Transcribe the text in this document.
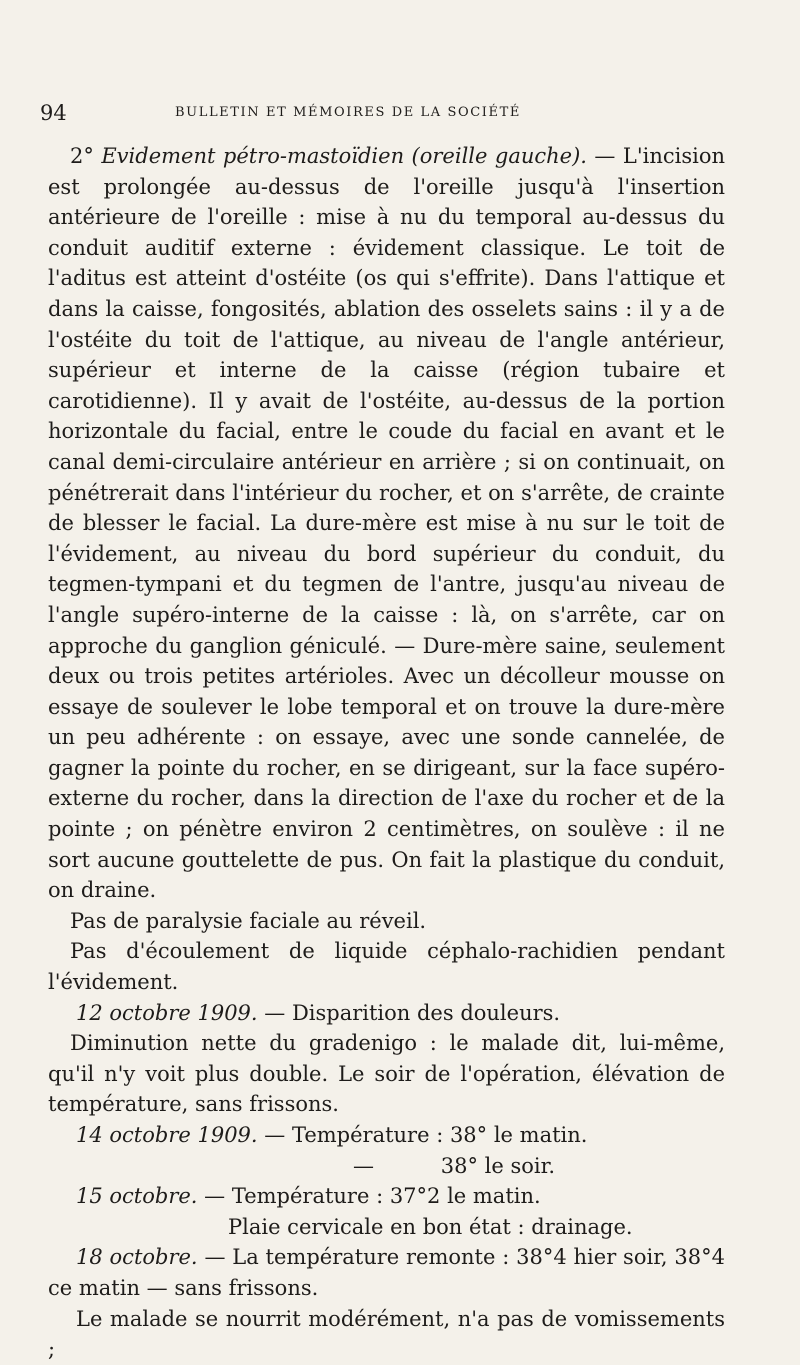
94	BULLETIN ET MÉMOIRES DE LA SOCIÉTÉ

2° Evidement pétro-mastoïdien (oreille gauche). — L'incision est prolongée au-dessus de l'oreille jusqu'à l'insertion antérieure de l'oreille : mise à nu du temporal au-dessus du conduit auditif externe : évidement classique. Le toit de l'aditus est atteint d'ostéite (os qui s'effrite). Dans l'attique et dans la caisse, fongosités, ablation des osselets sains : il y a de l'ostéite du toit de l'attique, au niveau de l'angle antérieur, supérieur et interne de la caisse (région tubaire et carotidienne). Il y avait de l'ostéite, au-dessus de la portion horizontale du facial, entre le coude du facial en avant et le canal demi-circulaire antérieur en arrière ; si on continuait, on pénétrerait dans l'intérieur du rocher, et on s'arrête, de crainte de blesser le facial. La dure-mère est mise à nu sur le toit de l'évidement, au niveau du bord supérieur du conduit, du tegmen-tympani et du tegmen de l'antre, jusqu'au niveau de l'angle supéro-interne de la caisse : là, on s'arrête, car on approche du ganglion géniculé. — Dure-mère saine, seulement deux ou trois petites artérioles. Avec un décolleur mousse on essaye de soulever le lobe temporal et on trouve la dure-mère un peu adhérente : on essaye, avec une sonde cannelée, de gagner la pointe du rocher, en se dirigeant, sur la face supéro-externe du rocher, dans la direction de l'axe du rocher et de la pointe ; on pénètre environ 2 centimètres, on soulève : il ne sort aucune gouttelette de pus. On fait la plastique du conduit, on draine.

Pas de paralysie faciale au réveil.

Pas d'écoulement de liquide céphalo-rachidien pendant l'évidement.

12 octobre 1909. — Disparition des douleurs.

Diminution nette du gradenigo : le malade dit, lui-même, qu'il n'y voit plus double. Le soir de l'opération, élévation de température, sans frissons.

14 octobre 1909. — Température : 38° le matin.

—          38° le soir.

15 octobre. — Température : 37°2 le matin.

Plaie cervicale en bon état : drainage.

18 octobre. — La température remonte : 38°4 hier soir, 38°4 ce matin — sans frissons.

Le malade se nourrit modérément, n'a pas de vomissements ;
